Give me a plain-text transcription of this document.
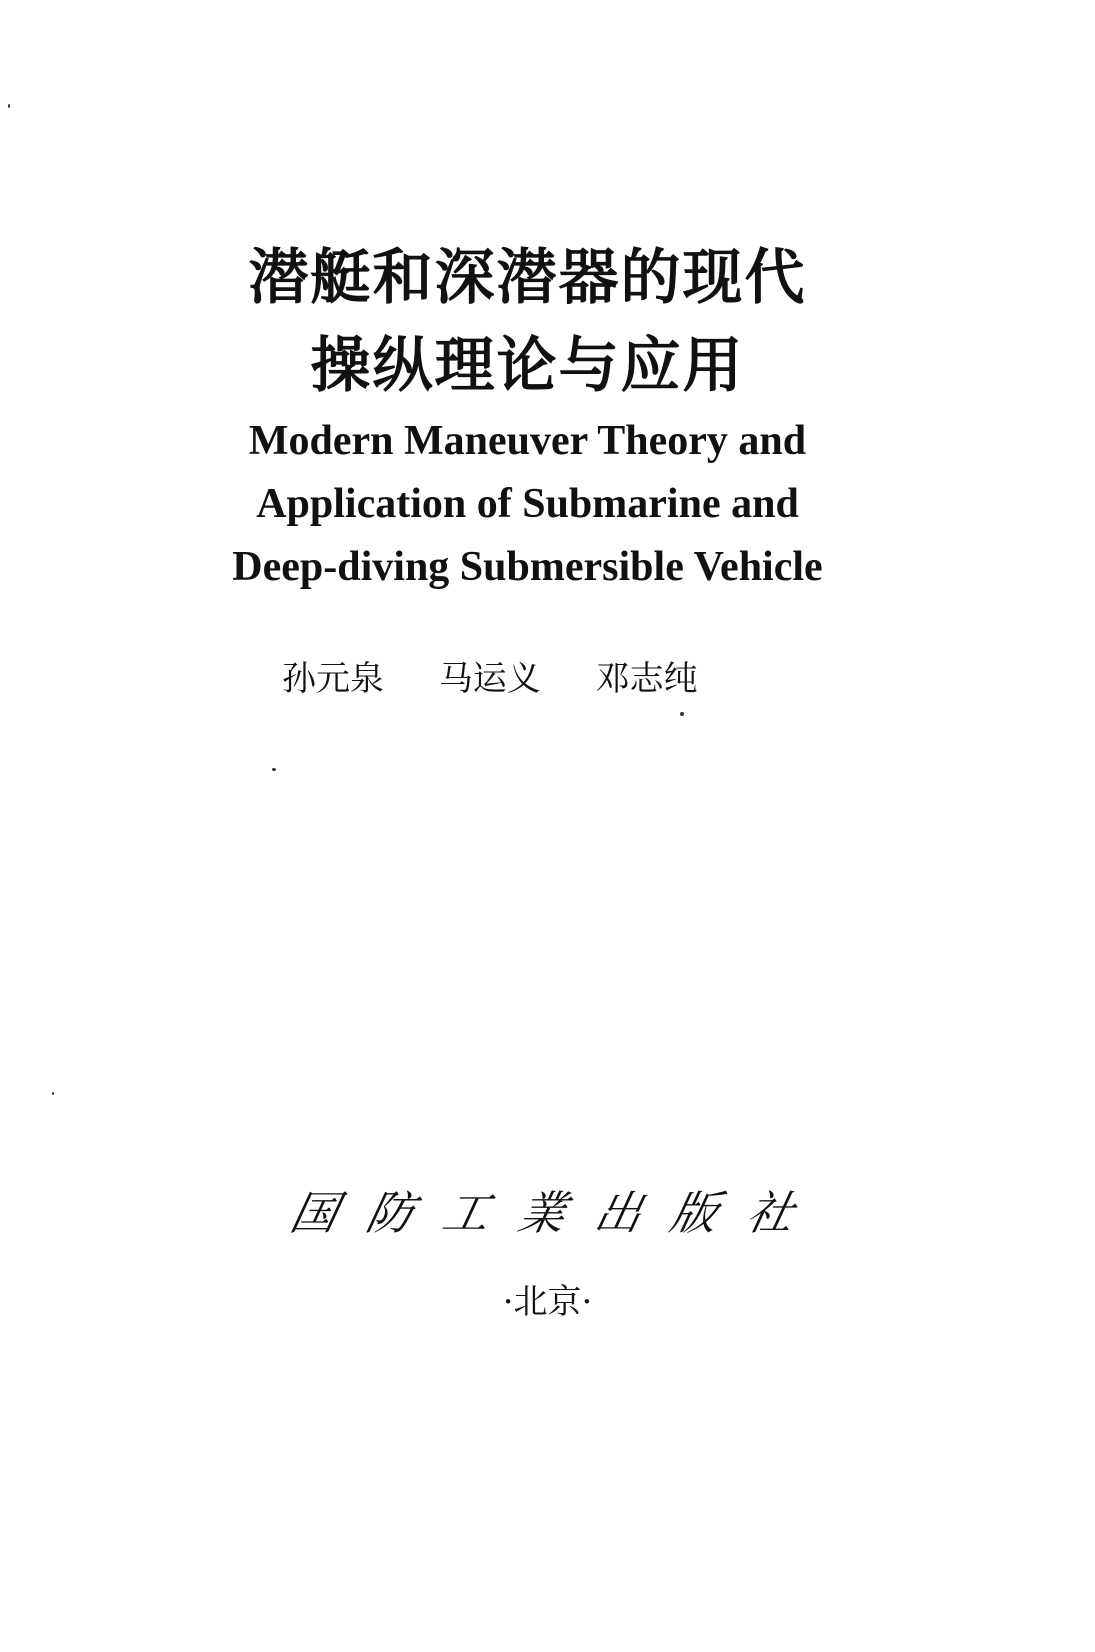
潜艇和深潜器的现代
操纵理论与应用
Modern Maneuver Theory and
Application of Submarine and
Deep-diving Submersible Vehicle
孙元泉 马运义 邓志纯
国防工業出版社
·北京·
